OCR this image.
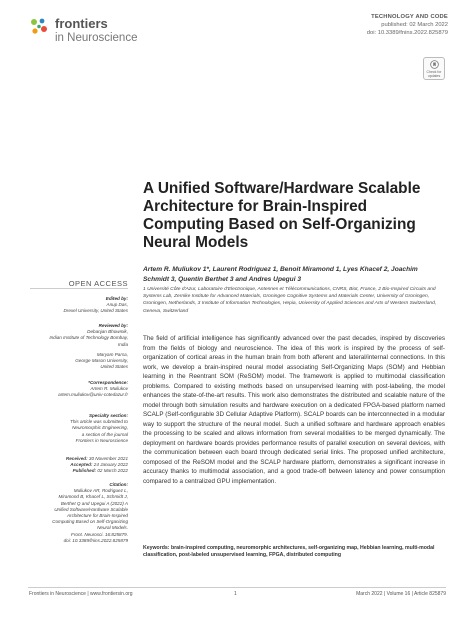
frontiers
in Neuroscience
TECHNOLOGY AND CODE
published: 02 March 2022
doi: 10.3389/fnins.2022.825879
Check for updates
A Unified Software/Hardware Scalable Architecture for Brain-Inspired Computing Based on Self-Organizing Neural Models
Artem R. Muliukov 1*, Laurent Rodriguez 1, Benoit Miramond 1, Lyes Khacef 2, Joachim Schmidt 3, Quentin Berthet 3 and Andres Upegui 3
1 Université Côte d'Azur, Laboratoire d'Electronique, Antennes et Télécommunications, CNRS, Biot, France, 2 Bio-Inspired Circuits and Systems Lab, Zernike Institute for Advanced Materials, Groningen Cognitive Systems and Materials Center, University of Groningen, Groningen, Netherlands, 3 Institute of Information Technologies, Hepia, University of Applied Sciences and Arts of Western Switzerland, Geneva, Switzerland
OPEN ACCESS
Edited by:
Anup Das,
Drexel University, United States
Reviewed by:
Debanjan Bhowmik,
Indian Institute of Technology Bombay,
India
Maryam Parsa,
George Mason University,
United States
*Correspondence:
Artem R. Muliukov
artem.muliukov@univ-cotedazur.fr
Specialty section:
This article was submitted to
Neuromorphic Engineering,
a section of the journal
Frontiers in Neuroscience
Received: 30 November 2021
Accepted: 24 January 2022
Published: 02 March 2022
Citation:
Muliukov AR, Rodriguez L,
Miramond B, Khacef L, Schmidt J,
Berthet Q and Upegui A (2022) A
Unified Software/Hardware Scalable
Architecture for Brain-Inspired
Computing Based on Self-Organizing
Neural Models.
Front. Neurosci. 16:825879.
doi: 10.3389/fnins.2022.825879
The field of artificial intelligence has significantly advanced over the past decades, inspired by discoveries from the fields of biology and neuroscience. The idea of this work is inspired by the process of self-organization of cortical areas in the human brain from both afferent and lateral/internal connections. In this work, we develop a brain-inspired neural model associating Self-Organizing Maps (SOM) and Hebbian learning in the Reentrant SOM (ReSOM) model. The framework is applied to multimodal classification problems. Compared to existing methods based on unsupervised learning with post-labeling, the model enhances the state-of-the-art results. This work also demonstrates the distributed and scalable nature of the model through both simulation results and hardware execution on a dedicated FPGA-based platform named SCALP (Self-configurable 3D Cellular Adaptive Platform). SCALP boards can be interconnected in a modular way to support the structure of the neural model. Such a unified software and hardware approach enables the processing to be scaled and allows information from several modalities to be merged dynamically. The deployment on hardware boards provides performance results of parallel execution on several devices, with the communication between each board through dedicated serial links. The proposed unified architecture, composed of the ReSOM model and the SCALP hardware platform, demonstrates a significant increase in accuracy thanks to multimodal association, and a good trade-off between latency and power consumption compared to a centralized GPU implementation.
Keywords: brain-inspired computing, neuromorphic architectures, self-organizing map, Hebbian learning, multi-modal classification, post-labeled unsupervised learning, FPGA, distributed computing
Frontiers in Neuroscience | www.frontiersin.org	1	March 2022 | Volume 16 | Article 825879
